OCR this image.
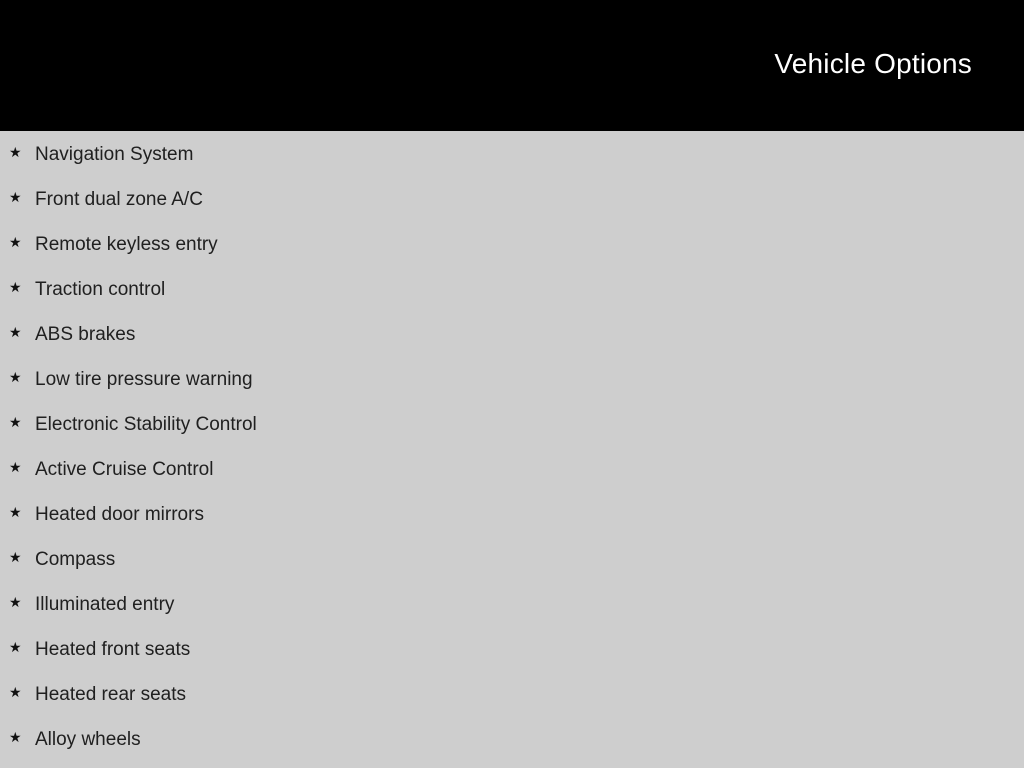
Vehicle Options
★ Navigation System
★ Front dual zone A/C
★ Remote keyless entry
★ Traction control
★ ABS brakes
★ Low tire pressure warning
★ Electronic Stability Control
★ Active Cruise Control
★ Heated door mirrors
★ Compass
★ Illuminated entry
★ Heated front seats
★ Heated rear seats
★ Alloy wheels
